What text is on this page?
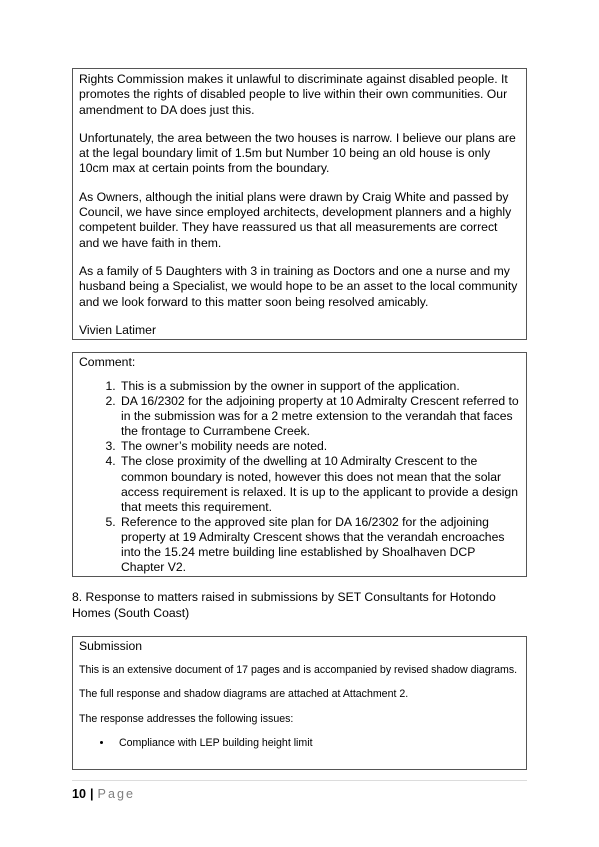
Rights Commission makes it unlawful to discriminate against disabled people. It promotes the rights of disabled people to live within their own communities. Our amendment to DA does just this.

Unfortunately, the area between the two houses is narrow. I believe our plans are at the legal boundary limit of 1.5m but Number 10 being an old house is only 10cm max at certain points from the boundary.

As Owners, although the initial plans were drawn by Craig White and passed by Council, we have since employed architects, development planners and a highly competent builder. They have reassured us that all measurements are correct and we have faith in them.

As a family of 5 Daughters with 3 in training as Doctors and one a nurse and my husband being a Specialist, we would hope to be an asset to the local community and we look forward to this matter soon being resolved amicably.

Vivien Latimer

Comment:
1. This is a submission by the owner in support of the application.
2. DA 16/2302 for the adjoining property at 10 Admiralty Crescent referred to in the submission was for a 2 metre extension to the verandah that faces the frontage to Currambene Creek.
3. The owner’s mobility needs are noted.
4. The close proximity of the dwelling at 10 Admiralty Crescent to the common boundary is noted, however this does not mean that the solar access requirement is relaxed. It is up to the applicant to provide a design that meets this requirement.
5. Reference to the approved site plan for DA 16/2302 for the adjoining property at 19 Admiralty Crescent shows that the verandah encroaches into the 15.24 metre building line established by Shoalhaven DCP Chapter V2.

8. Response to matters raised in submissions by SET Consultants for Hotondo Homes (South Coast)

Submission

This is an extensive document of 17 pages and is accompanied by revised shadow diagrams.

The full response and shadow diagrams are attached at Attachment 2.

The response addresses the following issues:

• Compliance with LEP building height limit
10 | Page
